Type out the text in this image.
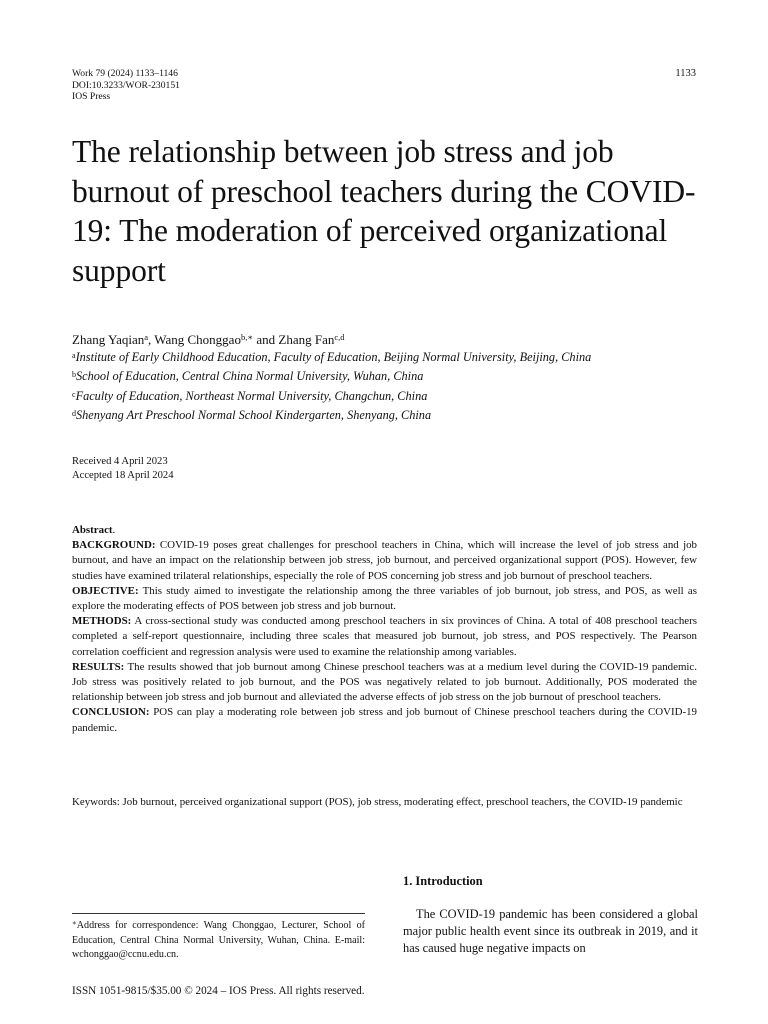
Work 79 (2024) 1133–1146
DOI:10.3233/WOR-230151
IOS Press
1133
The relationship between job stress and job burnout of preschool teachers during the COVID-19: The moderation of perceived organizational support
Zhang Yaqian$^a$, Wang Chonggao$^{b,∗}$ and Zhang Fan$^{c,d}$
$^a$Institute of Early Childhood Education, Faculty of Education, Beijing Normal University, Beijing, China
$^b$School of Education, Central China Normal University, Wuhan, China
$^c$Faculty of Education, Northeast Normal University, Changchun, China
$^d$Shenyang Art Preschool Normal School Kindergarten, Shenyang, China
Received 4 April 2023
Accepted 18 April 2024

Abstract.

BACKGROUND: COVID-19 poses great challenges for preschool teachers in China, which will increase the level of job stress and job burnout, and have an impact on the relationship between job stress, job burnout, and perceived organizational support (POS). However, few studies have examined trilateral relationships, especially the role of POS concerning job stress and job burnout of preschool teachers.

OBJECTIVE: This study aimed to investigate the relationship among the three variables of job burnout, job stress, and POS, as well as explore the moderating effects of POS between job stress and job burnout.

METHODS: A cross-sectional study was conducted among preschool teachers in six provinces of China. A total of 408 preschool teachers completed a self-report questionnaire, including three scales that measured job burnout, job stress, and POS respectively. The Pearson correlation coefficient and regression analysis were used to examine the relationship among variables.

RESULTS: The results showed that job burnout among Chinese preschool teachers was at a medium level during the COVID-19 pandemic. Job stress was positively related to job burnout, and the POS was negatively related to job burnout. Additionally, POS moderated the relationship between job stress and job burnout and alleviated the adverse effects of job stress on the job burnout of preschool teachers.

CONCLUSION: POS can play a moderating role between job stress and job burnout of Chinese preschool teachers during the COVID-19 pandemic.

Keywords: Job burnout, perceived organizational support (POS), job stress, moderating effect, preschool teachers, the COVID-19 pandemic
∗Address for correspondence: Wang Chonggao, Lecturer, School of Education, Central China Normal University, Wuhan, China. E-mail: wchonggao@ccnu.edu.cn.
1. Introduction
The COVID-19 pandemic has been considered a global major public health event since its outbreak in 2019, and it has caused huge negative impacts on
ISSN 1051-9815/$35.00 © 2024 – IOS Press. All rights reserved.
